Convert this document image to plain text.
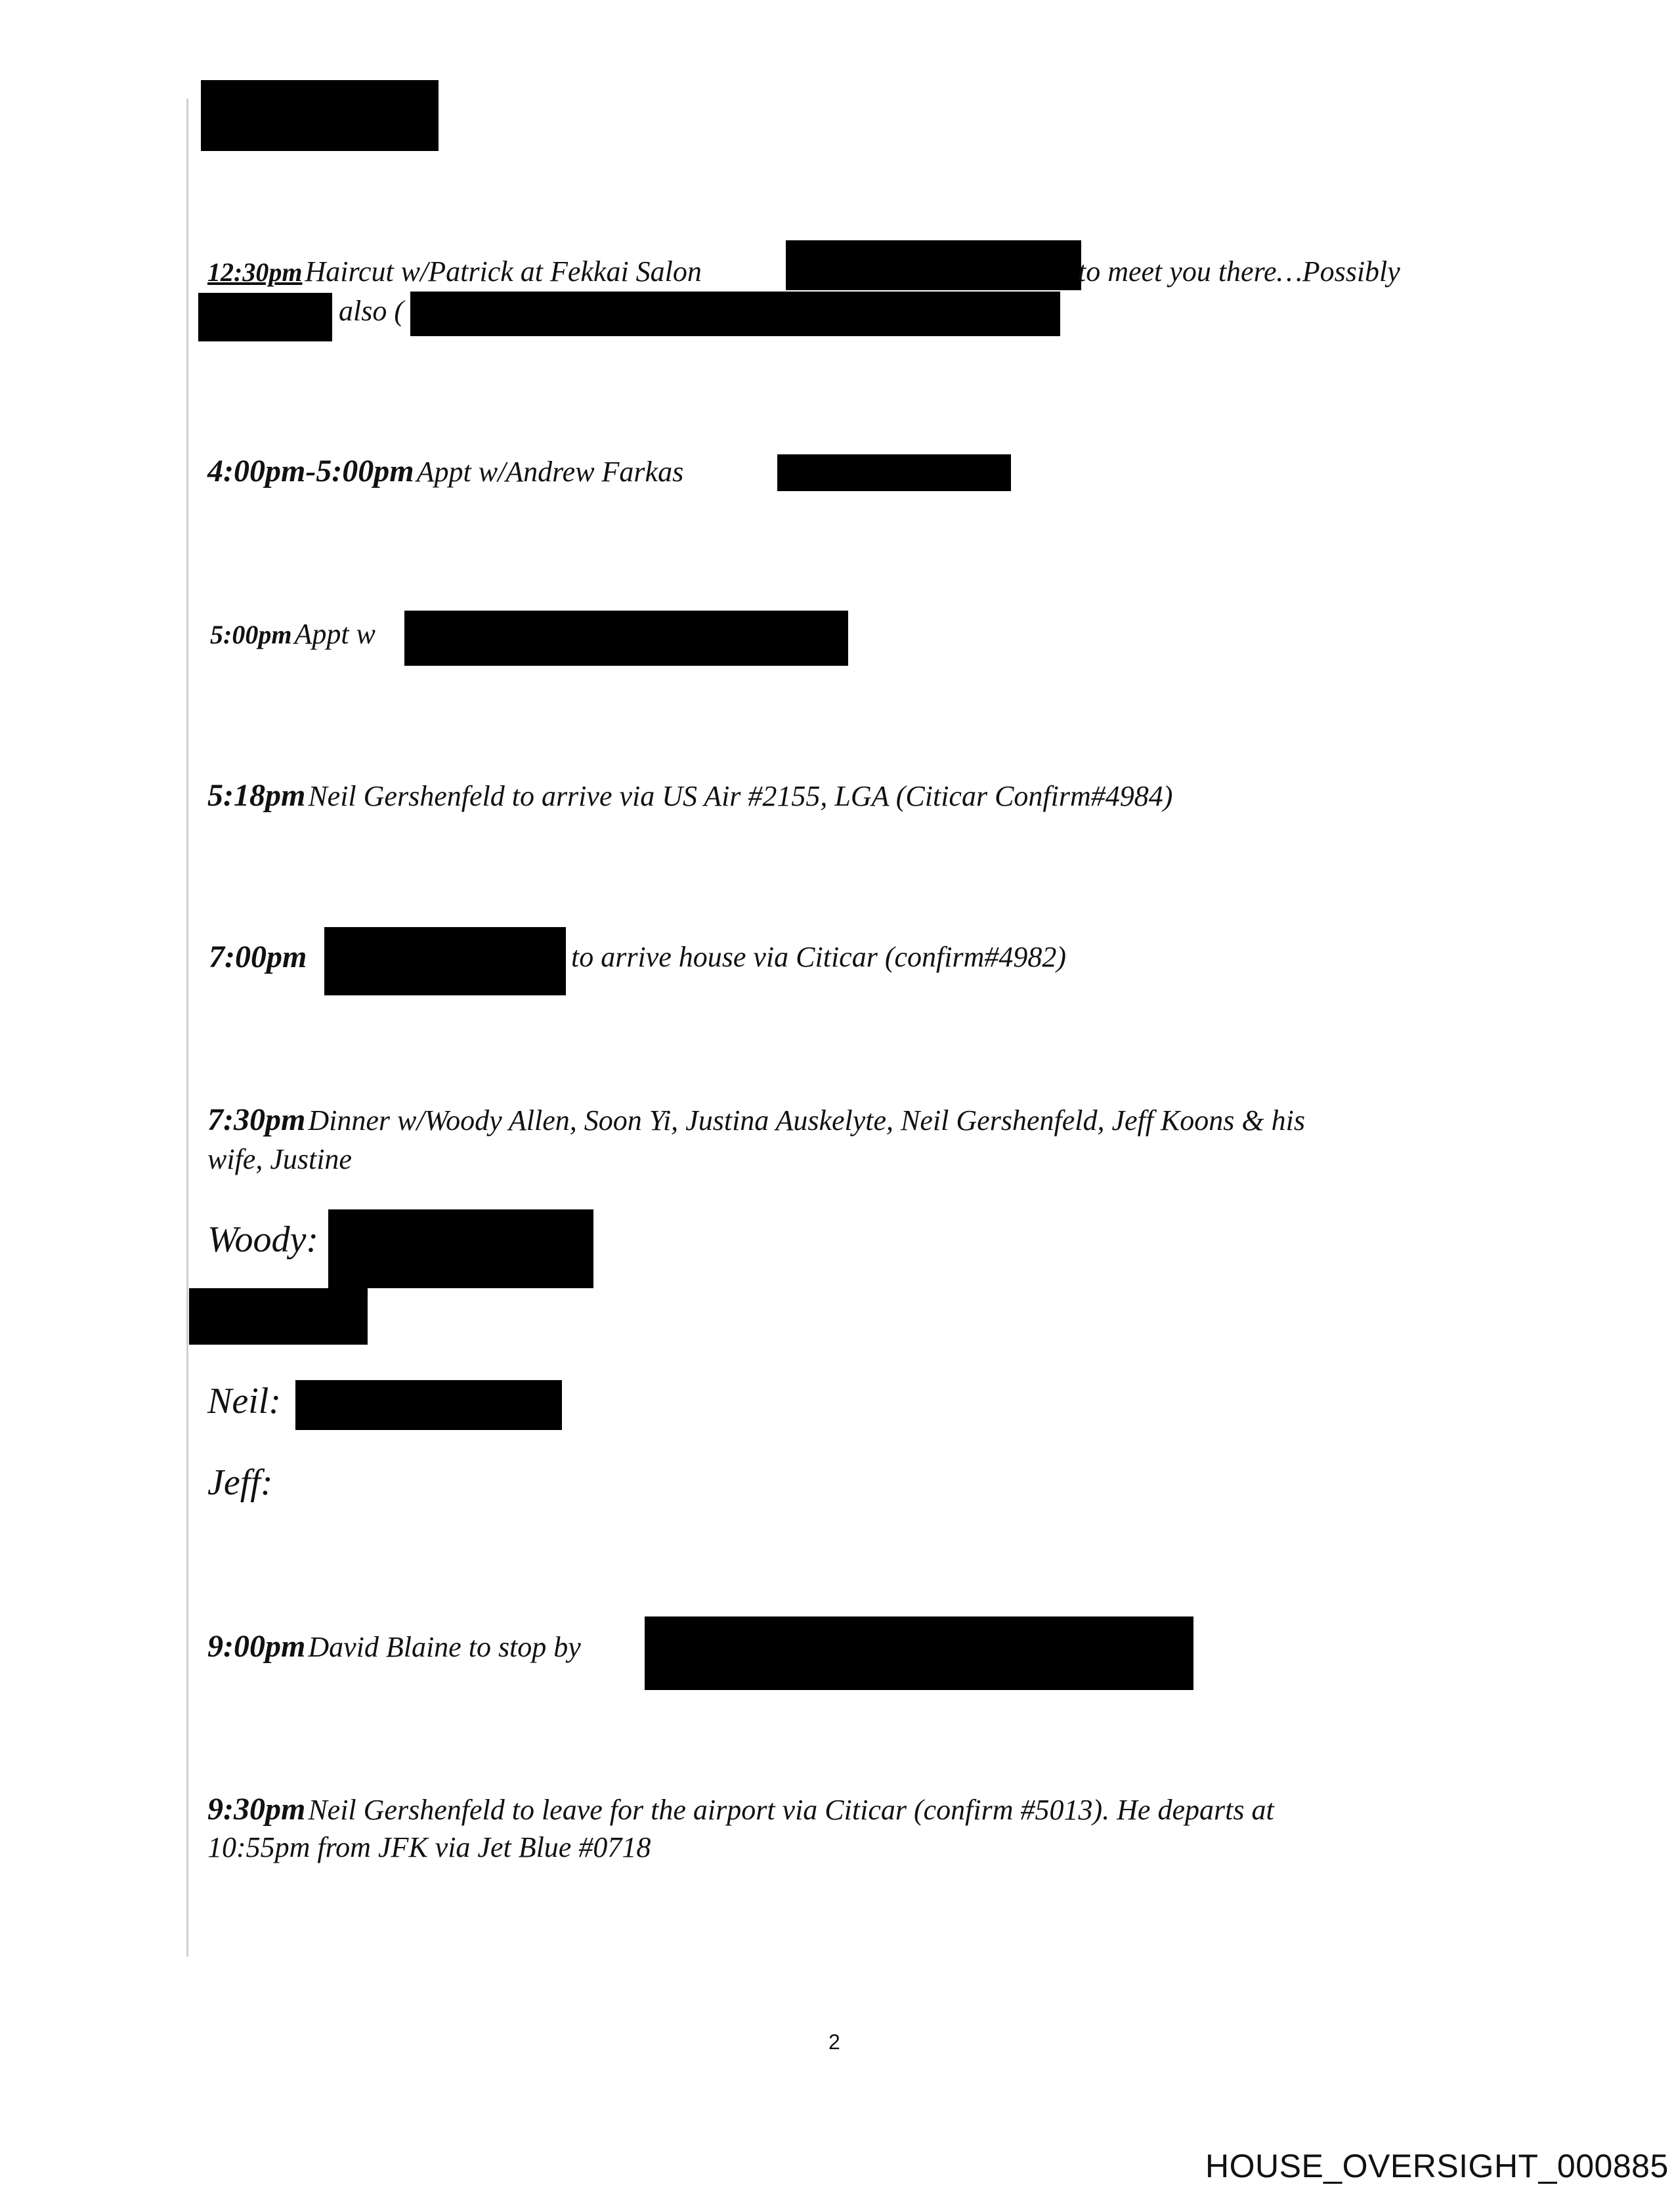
12:30pm Haircut w/Patrick at Fekkai Salon	to meet you there…Possibly
also (
4:00pm-5:00pm Appt w/Andrew Farkas
5:00pm Appt w
5:18pm Neil Gershenfeld to arrive via US Air #2155, LGA (Citicar Confirm#4984)
7:00pm	to arrive house via Citicar (confirm#4982)
7:30pm Dinner w/Woody Allen, Soon Yi, Justina Auskelyte, Neil Gershenfeld, Jeff Koons & his
wife, Justine
Woody:
Neil:
Jeff:
9:00pm David Blaine to stop by
9:30pm Neil Gershenfeld to leave for the airport via Citicar (confirm #5013). He departs at
10:55pm from JFK via Jet Blue #0718
2
HOUSE_OVERSIGHT_000885
